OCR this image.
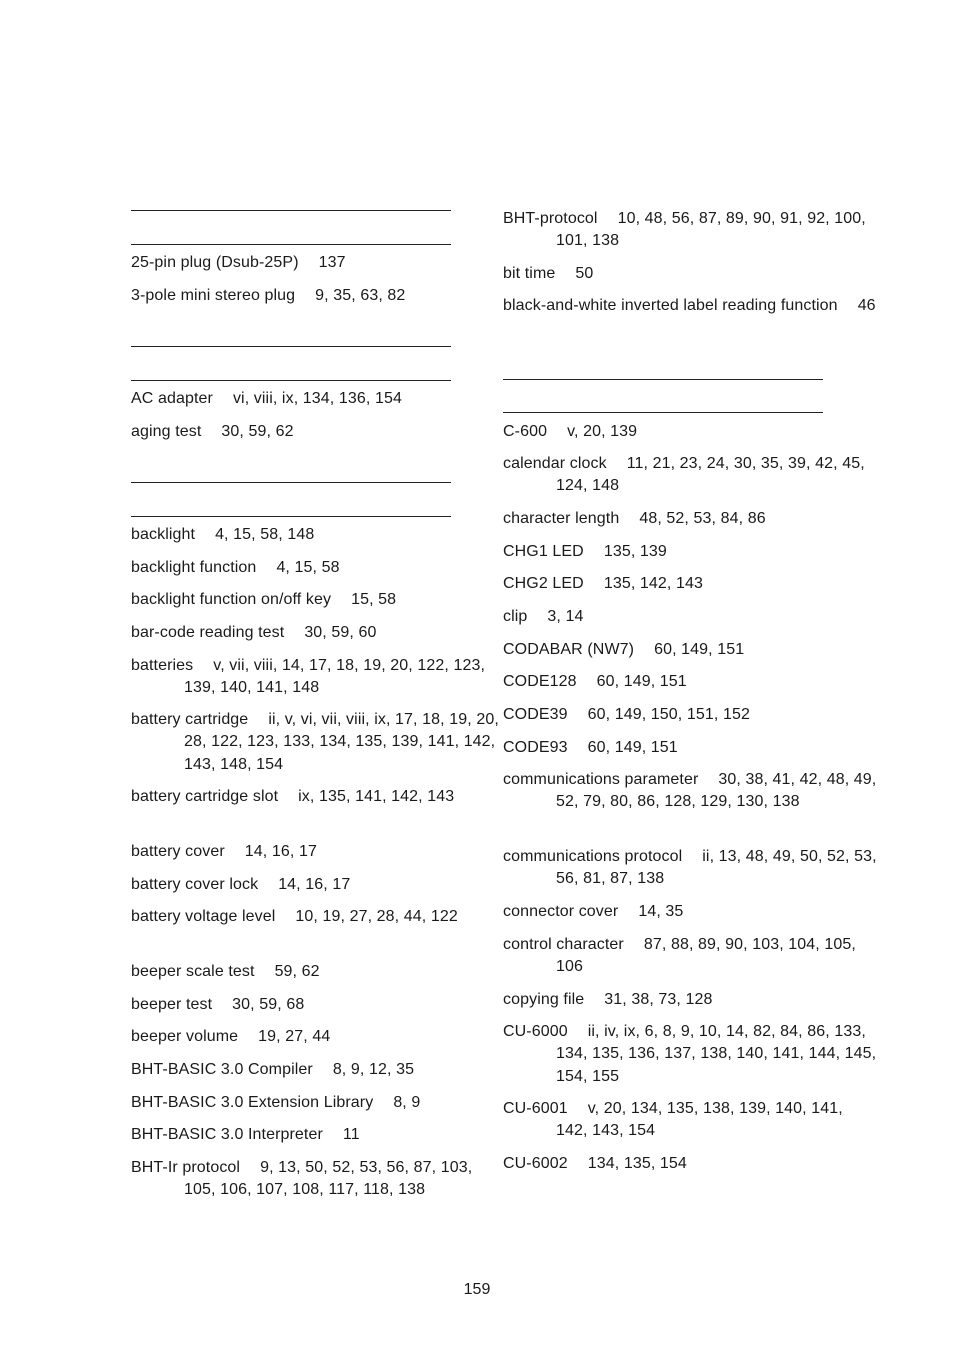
25-pin plug (Dsub-25P) 137
3-pole mini stereo plug 9, 35, 63, 82
AC adapter vi, viii, ix, 134, 136, 154
aging test 30, 59, 62
backlight 4, 15, 58, 148
backlight function 4, 15, 58
backlight function on/off key 15, 58
bar-code reading test 30, 59, 60
batteries v, vii, viii, 14, 17, 18, 19, 20, 122, 123, 139, 140, 141, 148
battery cartridge ii, v, vi, vii, viii, ix, 17, 18, 19, 20, 28, 122, 123, 133, 134, 135, 139, 141, 142, 143, 148, 154
battery cartridge slot ix, 135, 141, 142, 143
battery cover 14, 16, 17
battery cover lock 14, 16, 17
battery voltage level 10, 19, 27, 28, 44, 122
beeper scale test 59, 62
beeper test 30, 59, 68
beeper volume 19, 27, 44
BHT-BASIC 3.0 Compiler 8, 9, 12, 35
BHT-BASIC 3.0 Extension Library 8, 9
BHT-BASIC 3.0 Interpreter 11
BHT-Ir protocol 9, 13, 50, 52, 53, 56, 87, 103, 105, 106, 107, 108, 117, 118, 138
BHT-protocol 10, 48, 56, 87, 89, 90, 91, 92, 100, 101, 138
bit time 50
black-and-white inverted label reading function 46
C-600 v, 20, 139
calendar clock 11, 21, 23, 24, 30, 35, 39, 42, 45, 124, 148
character length 48, 52, 53, 84, 86
CHG1 LED 135, 139
CHG2 LED 135, 142, 143
clip 3, 14
CODABAR (NW7) 60, 149, 151
CODE128 60, 149, 151
CODE39 60, 149, 150, 151, 152
CODE93 60, 149, 151
communications parameter 30, 38, 41, 42, 48, 49, 52, 79, 80, 86, 128, 129, 130, 138
communications protocol ii, 13, 48, 49, 50, 52, 53, 56, 81, 87, 138
connector cover 14, 35
control character 87, 88, 89, 90, 103, 104, 105, 106
copying file 31, 38, 73, 128
CU-6000 ii, iv, ix, 6, 8, 9, 10, 14, 82, 84, 86, 133, 134, 135, 136, 137, 138, 140, 141, 144, 145, 154, 155
CU-6001 v, 20, 134, 135, 138, 139, 140, 141, 142, 143, 154
CU-6002 134, 135, 154
159
